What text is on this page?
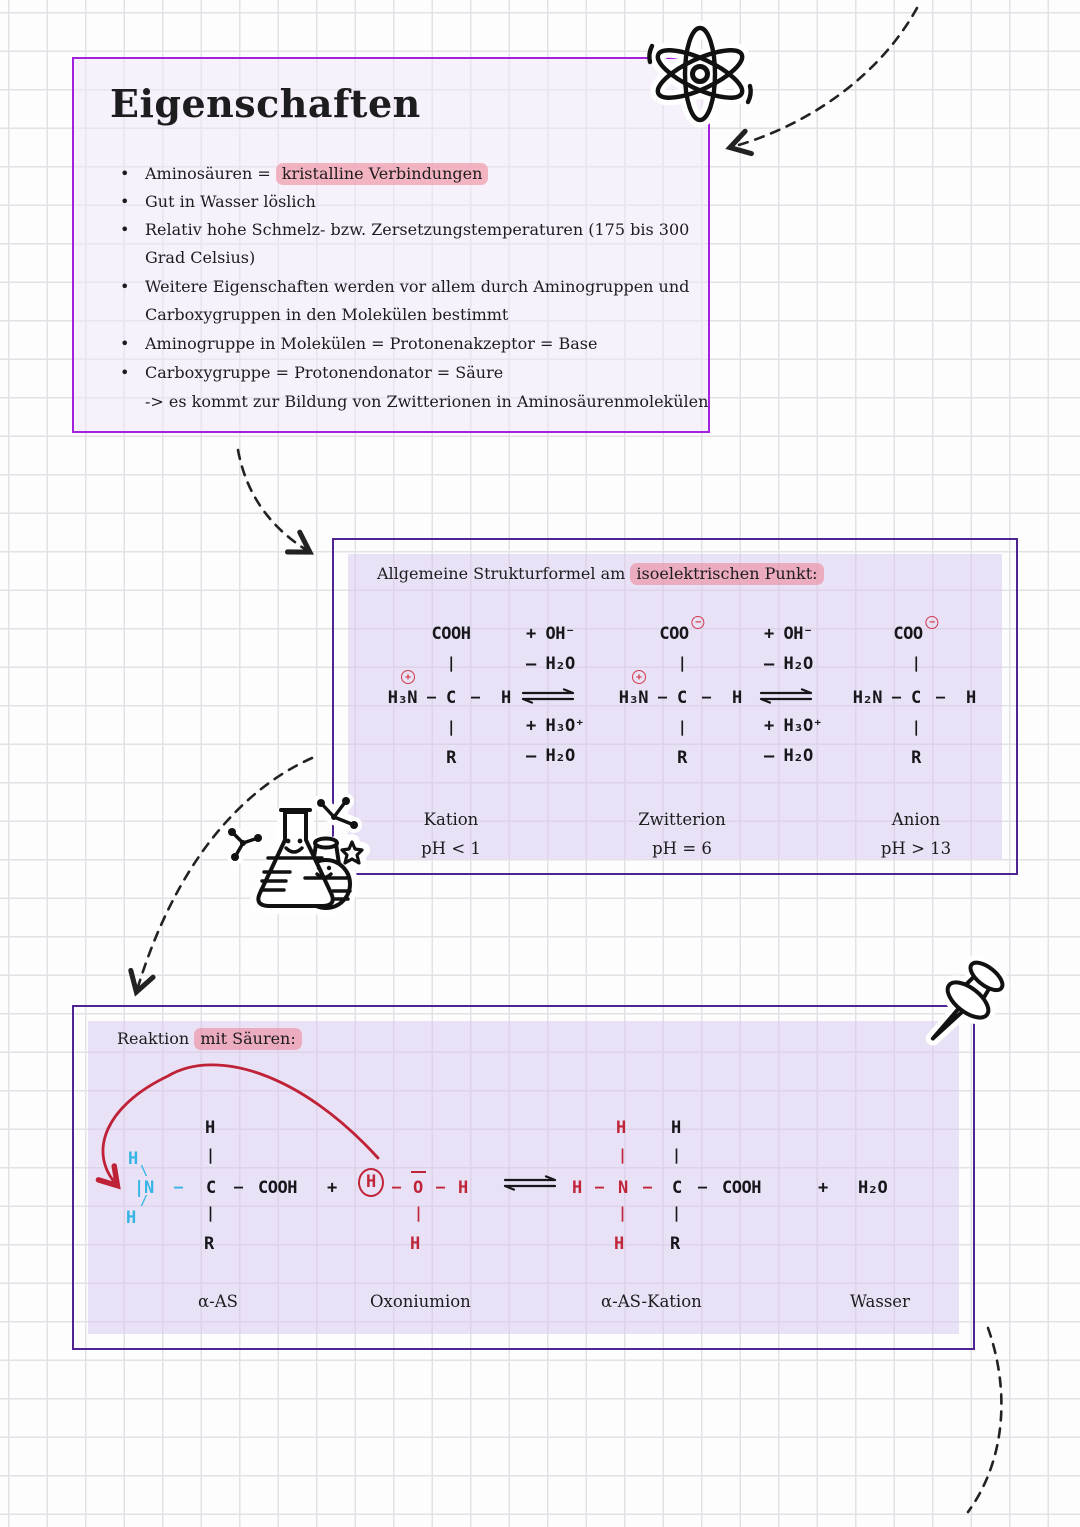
Eigenschaften
• Aminosäuren = kristalline Verbindungen
• Gut in Wasser löslich
• Relativ hohe Schmelz- bzw. Zersetzungstemperaturen (175 bis 300
Grad Celsius)
• Weitere Eigenschaften werden vor allem durch Aminogruppen und
Carboxygruppen in den Molekülen bestimmt
• Aminogruppe in Molekülen = Protonenakzeptor = Base
• Carboxygruppe = Protonendonator = Säure
-> es kommt zur Bildung von Zwitterionen in Aminosäurenmolekülen
Allgemeine Strukturformel am isoelektrischen Punkt:
COOH
|
+
H₃N – C – H
|
R
Kation
pH < 1
+ OH⁻
– H₂O
+ H₃O⁺
– H₂O
COO
−
|
+
H₃N – C – H
|
R
Zwitterion
pH = 6
+ OH⁻
– H₂O
+ H₃O⁺
– H₂O
COO
−
|
H₂N – C – H
|
R
Anion
pH > 13
Reaktion mit Säuren:
H
\
| N
/
H
– C
H
|
|
R
– COOH +	H	– O – H
|
H
⇌ H – N –
H
|
|
H
C
H
|
|
R
– COOH	+ H₂O
α-AS	Oxoniumion	α-AS-Kation	Wasser
